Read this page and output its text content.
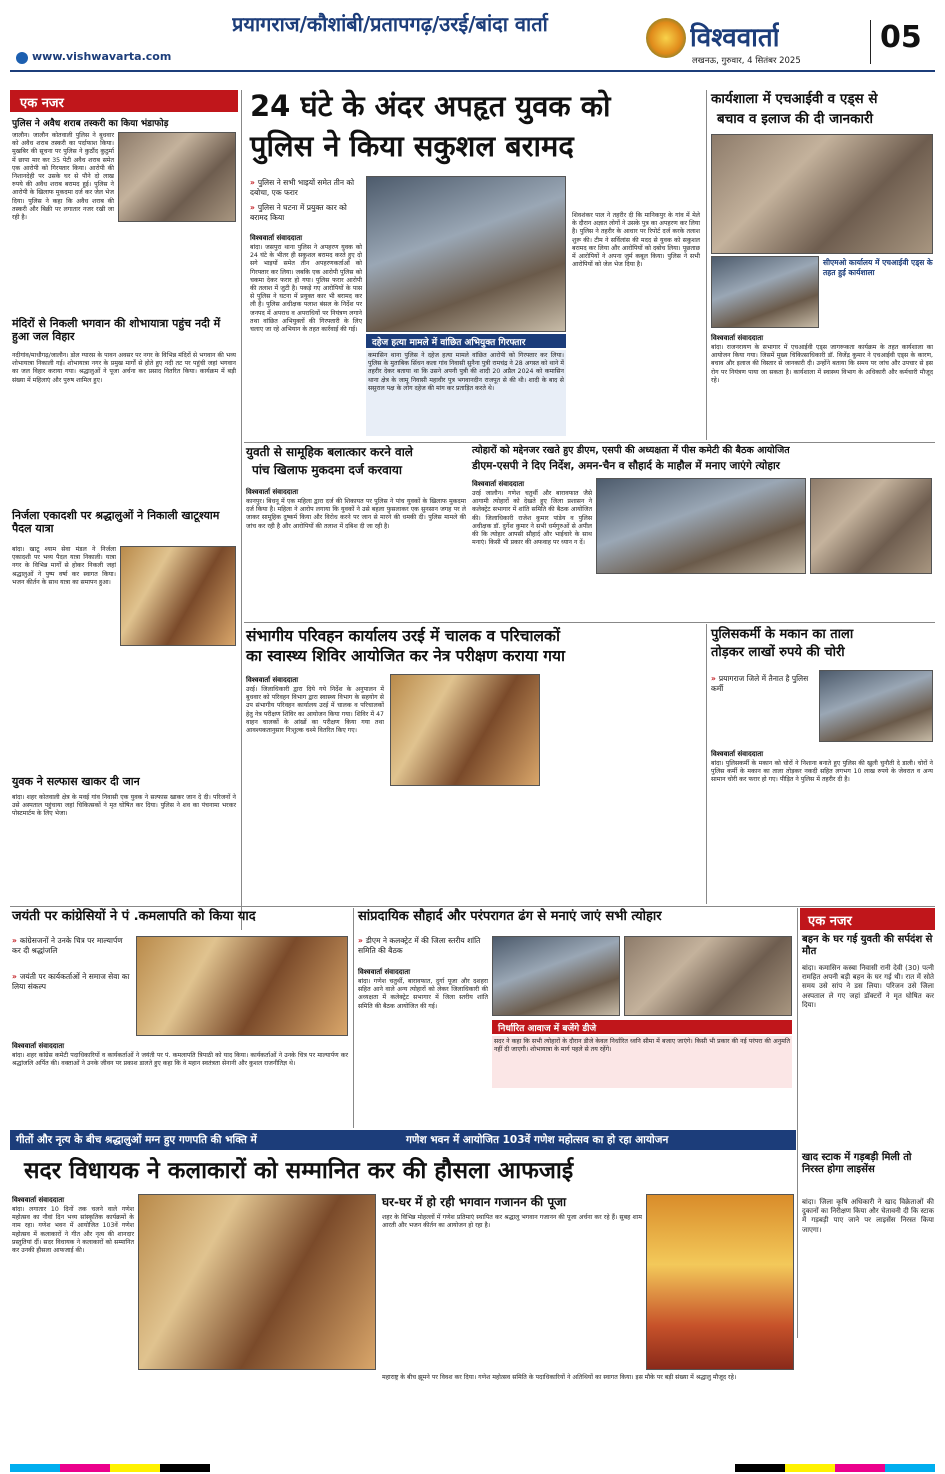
प्रयागराज/कौशांबी/प्रतापगढ़/उरई/बांदा वार्ता
www.vishwavarta.com
विश्ववार्ता
लखनऊ, गुरुवार, 4 सितंबर 2025
05
एक नजर
पुलिस ने अवैध शराब तस्करी का किया भंडाफोड़
जालौन। जालौन कोतवाली पुलिस ने बुधवार को अवैध शराब तस्करी का पर्दाफाश किया। मुखबिर की सूचना पर पुलिस ने कुठौंद कुठुर्मा में छापा मार कर 35 पेटी अवैध शराब समेत एक आरोपी को गिरफ्तार किया। आरोपी की निशानदेही पर उसके घर से पौने दो लाख रुपये की अवैध शराब बरामद हुई। पुलिस ने आरोपी के खिलाफ मुकदमा दर्ज कर जेल भेज दिया। पुलिस ने कहा कि अवैध शराब की तस्करी और बिक्री पर लगातार नजर रखी जा रही है।
मंदिरों से निकली भगवान की शोभायात्रा पहुंच नदी में हुआ जल विहार
नदीगांव/माधौगढ़/जालौन। डोल ग्यारस के पावन अवसर पर नगर के विभिन्न मंदिरों से भगवान की भव्य शोभायात्रा निकाली गई। शोभायात्रा नगर के प्रमुख मार्गों से होते हुए नदी तट पर पहुंची जहां भगवान का जल विहार कराया गया। श्रद्धालुओं ने पूजा अर्चना कर प्रसाद वितरित किया। कार्यक्रम में बड़ी संख्या में महिलाएं और पुरुष शामिल हुए।
निर्जला एकादशी पर श्रद्धालुओं ने निकाली खाटूश्याम पैदल यात्रा
बांदा। खाटू श्याम सेवा मंडल ने निर्जला एकादशी पर भव्य पैदल यात्रा निकाली। यात्रा नगर के विभिन्न मार्गों से होकर निकली जहां श्रद्धालुओं ने पुष्प वर्षा कर स्वागत किया। भजन कीर्तन के साथ यात्रा का समापन हुआ।
युवक ने सल्फास खाकर दी जान
बांदा। शहर कोतवाली क्षेत्र के मवई गांव निवासी एक युवक ने सल्फास खाकर जान दे दी। परिजनों ने उसे अस्पताल पहुंचाया जहां चिकित्सकों ने मृत घोषित कर दिया। पुलिस ने शव का पंचनामा भरकर पोस्टमार्टम के लिए भेजा।
24 घंटे के अंदर अपहृत युवक को
पुलिस ने किया सकुशल बरामद
» पुलिस ने सभी भाइयों समेत तीन को दबोचा, एक फरार
» पुलिस ने घटना में प्रयुक्त कार को बरामद किया
विश्ववार्ता संवाददाता
बांदा। जसपुरा थाना पुलिस ने अपहरण युवक को 24 घंटे के भीतर ही सकुशल बरामद करते हुए दो सगे भाइयों समेत तीन अपहरणकर्ताओं को गिरफ्तार कर लिया। जबकि एक आरोपी पुलिस को चकमा देकर फरार हो गया। पुलिस फरार आरोपी की तलाश में जुटी है। पकड़े गए आरोपियों के पास से पुलिस ने घटना में प्रयुक्त कार भी बरामद कर ली है। पुलिस अधीक्षक पलाश बंसल के निर्देश पर जनपद में अपराध व अपराधियों पर नियंत्रण लगाने तथा वांछित अभियुक्तों की गिरफ्तारी के लिए चलाए जा रहे अभियान के तहत कार्रवाई की गई।
शिवशंकर पाल ने तहरीर दी कि मानिकपुर के गांव में मेले के दौरान अज्ञात लोगों ने उसके पुत्र का अपहरण कर लिया है। पुलिस ने तहरीर के आधार पर रिपोर्ट दर्ज करके तलाश शुरू की। टीम ने सर्विलांस की मदद से युवक को सकुशल बरामद कर लिया और आरोपियों को दबोच लिया। पूछताछ में आरोपियों ने अपना जुर्म कबूल किया। पुलिस ने सभी आरोपियों को जेल भेज दिया है।
दहेज हत्या मामले में वांछित अभियुक्त गिरफ्तार
कमासिन थाना पुलिस ने दहेज हत्या मामले वांछित आरोपी को गिरफ्तार कर लिया। पुलिस के मुताबिक सिंधन कला गांव निवासी सुनैना पुत्री रामचंद्र ने 28 अगस्त को थाने में तहरीर देकर बताया था कि उसने अपनी पुत्री की शादी 20 अप्रैल 2024 को कमासिन थाना क्षेत्र के जामू निवासी महावीर पुत्र भगवानदीन राजपूत से की थी। शादी के बाद से ससुराल पक्ष के लोग दहेज की मांग कर प्रताड़ित करते थे।
कार्यशाला में एचआईवी व एड्स से
बचाव व इलाज की दी जानकारी
सीएमओ कार्यालय में एचआईवी एड्स के तहत हुई कार्यशाला
विश्ववार्ता संवाददाता
बांदा। राजनरायण के सभागार में एचआईवी एड्स जागरूकता कार्यक्रम के तहत कार्यशाला का आयोजन किया गया। जिसमें मुख्य चिकित्साधिकारी डॉ. विजेंद्र कुमार ने एचआईवी एड्स के कारण, बचाव और इलाज की विस्तार से जानकारी दी। उन्होंने बताया कि समय पर जांच और उपचार से इस रोग पर नियंत्रण पाया जा सकता है। कार्यशाला में स्वास्थ्य विभाग के अधिकारी और कर्मचारी मौजूद रहे।
युवती से सामूहिक बलात्कार करने वाले
पांच खिलाफ मुकदमा दर्ज करवाया
विश्ववार्ता संवाददाता
कानपुर। बिधनू में एक महिला द्वारा दर्ज की शिकायत पर पुलिस ने पांच युवकों के खिलाफ मुकदमा दर्ज किया है। महिला ने आरोप लगाया कि युवकों ने उसे बहला फुसलाकर एक सुनसान जगह पर ले जाकर सामूहिक दुष्कर्म किया और विरोध करने पर जान से मारने की धमकी दी। पुलिस मामले की जांच कर रही है और आरोपियों की तलाश में दबिश दी जा रही है।
त्योहारों को मद्देनजर रखते हुए डीएम, एसपी की अध्यक्षता में पीस कमेटी की बैठक आयोजित
डीएम-एसपी ने दिए निर्देश, अमन-चैन व सौहार्द के माहौल में मनाए जाएंगे त्योहार
विश्ववार्ता संवाददाता
उरई जालौन। गणेश चतुर्थी और बारावफात जैसे आगामी त्योहारों को देखते हुए जिला प्रशासन ने कलेक्ट्रेट सभागार में शांति समिति की बैठक आयोजित की। जिलाधिकारी राजेश कुमार पांडेय व पुलिस अधीक्षक डॉ. दुर्गेश कुमार ने सभी धर्मगुरुओं से अपील की कि त्योहार आपसी सौहार्द और भाईचारे के साथ मनाएं। किसी भी प्रकार की अफवाह पर ध्यान न दें।
संभागीय परिवहन कार्यालय उरई में चालक व परिचालकों
का स्वास्थ्य शिविर आयोजित कर नेत्र परीक्षण कराया गया
विश्ववार्ता संवाददाता
उरई। जिलाधिकारी द्वारा दिये गये निर्देश के अनुपालन में बुधवार को परिवहन विभाग द्वारा स्वास्थ्य विभाग के सहयोग से उप संभागीय परिवहन कार्यालय उरई में चालक व परिचालकों हेतु नेत्र परीक्षण शिविर का आयोजन किया गया। शिविर में 47 वाहन चालकों के आंखों का परीक्षण किया गया तथा आवश्यकतानुसार निःशुल्क चश्मे वितरित किए गए।
पुलिसकर्मी के मकान का ताला
तोड़कर लाखों रुपये की चोरी
» प्रयागराज जिले में तैनात है पुलिस कर्मी
विश्ववार्ता संवाददाता
बांदा। पुलिसकर्मी के मकान को चोरों ने निशाना बनाते हुए पुलिस की खुली चुनौती दे डाली। चोरों ने पुलिस कर्मी के मकान का ताला तोड़कर नकदी सहित लगभग 10 लाख रुपये के जेवरात व अन्य सामान चोरी कर फरार हो गए। पीड़ित ने पुलिस में तहरीर दी है।
जयंती पर कांग्रेसियों ने पं .कमलापति को किया याद
» कांग्रेसजनों ने उनके चित्र पर माल्यार्पण कर दी श्रद्धांजलि
» जयंती पर कार्यकर्ताओं ने समाज सेवा का लिया संकल्प
विश्ववार्ता संवाददाता
बांदा। शहर कांग्रेस कमेटी पदाधिकारियों व कार्यकर्ताओं ने जयंती पर पं. कमलापति त्रिपाठी को याद किया। कार्यकर्ताओं ने उनके चित्र पर माल्यार्पण कर श्रद्धांजलि अर्पित की। वक्ताओं ने उनके जीवन पर प्रकाश डालते हुए कहा कि वे महान स्वतंत्रता सेनानी और कुशल राजनीतिज्ञ थे।
सांप्रदायिक सौहार्द और परंपरागत ढंग से मनाएं जाएं सभी त्योहार
» डीएम ने कलक्ट्रेट में की जिला स्तरीय शांति समिति की बैठक
विश्ववार्ता संवाददाता
बांदा। गणेश चतुर्थी, बारावफात, दुर्गा पूजा और दशहरा सहित आने वाले अन्य त्योहारों को लेकर जिलाधिकारी की अध्यक्षता में कलेक्ट्रेट सभागार में जिला स्तरीय शांति समिति की बैठक आयोजित की गई।
निर्धारित आवाज में बजेंगे डीजे
सदर ने कहा कि सभी त्योहारों के दौरान डीजे केवल निर्धारित ध्वनि सीमा में बजाए जाएंगे। किसी भी प्रकार की नई परंपरा की अनुमति नहीं दी जाएगी। शोभायात्रा के मार्ग पहले से तय रहेंगे।
एक नजर
बहन के घर गई युवती की सर्पदंश से मौत
बांदा। कमासिन कस्बा निवासी रानी देवी (30) पत्नी रामहित अपनी बड़ी बहन के घर गई थी। रात में सोते समय उसे सांप ने डस लिया। परिजन उसे जिला अस्पताल ले गए जहां डॉक्टरों ने मृत घोषित कर दिया।
खाद स्टाक में गड़बड़ी मिली तो निरस्त होगा लाइसेंस
बांदा। जिला कृषि अधिकारी ने खाद विक्रेताओं की दुकानों का निरीक्षण किया और चेतावनी दी कि स्टाक में गड़बड़ी पाए जाने पर लाइसेंस निरस्त किया जाएगा।
गीतों और नृत्य के बीच श्रद्धालुओं मग्न हुए गणपति की भक्ति में	गणेश भवन में आयोजित 103वें गणेश महोत्सव का हो रहा आयोजन
सदर विधायक ने कलाकारों को सम्मानित कर की हौसला आफजाई
विश्ववार्ता संवाददाता
बांदा। लगातार 10 दिनों तक चलने वाले गणेश महोत्सव का नौवां दिन भव्य सांस्कृतिक कार्यक्रमों के नाम रहा। गणेश भवन में आयोजित 103वें गणेश महोत्सव में कलाकारों ने गीत और नृत्य की शानदार प्रस्तुतियां दीं। सदर विधायक ने कलाकारों को सम्मानित कर उनकी हौसला आफजाई की।
घर-घर में हो रही भगवान गजानन की पूजा
शहर के विभिन्न मोहल्लों में गणेश प्रतिमाएं स्थापित कर श्रद्धालु भगवान गजानन की पूजा अर्चना कर रहे हैं। सुबह शाम आरती और भजन कीर्तन का आयोजन हो रहा है।
महाराष्ट्र के बीच झूमने पर विवश कर दिया। गणेश महोत्सव समिति के पदाधिकारियों ने अतिथियों का स्वागत किया। इस मौके पर बड़ी संख्या में श्रद्धालु मौजूद रहे।
